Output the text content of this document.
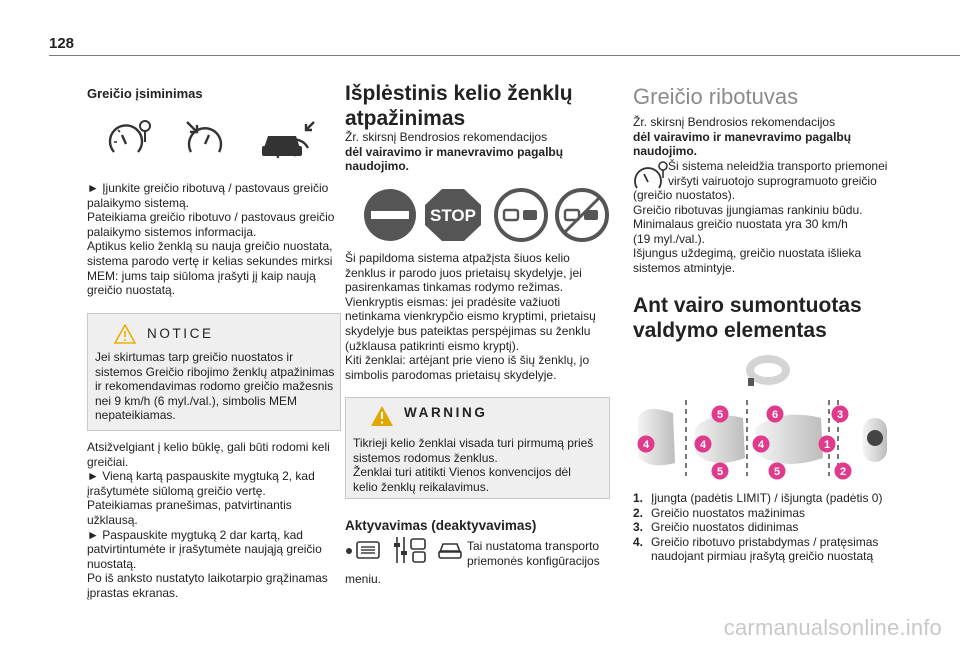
128
Greičio įsiminimas
► Įjunkite greičio ribotuvą / pastovaus greičio
palaikymo sistemą.
Pateikiama greičio ribotuvo / pastovaus greičio
palaikymo sistemos informacija.
Aptikus kelio ženklą su nauja greičio nuostata,
sistema parodo vertę ir kelias sekundes mirksi
MEM: jums taip siūloma įrašyti jį kaip naują
greičio nuostatą.
NOTICE
Jei skirtumas tarp greičio nuostatos ir
sistemos Greičio ribojimo ženklų atpažinimas
ir rekomendavimas rodomo greičio mažesnis
nei 9 km/h (6 myl./val.), simbolis MEM
nepateikiamas.
Atsižvelgiant į kelio būklę, gali būti rodomi keli
greičiai.
► Vieną kartą paspauskite mygtuką 2, kad
įrašytumėte siūlomą greičio vertę.
Pateikiamas pranešimas, patvirtinantis užklausą.
► Paspauskite mygtuką 2 dar kartą, kad
patvirtintumėte ir įrašytumėte naująją greičio
nuostatą.
Po iš anksto nustatyto laikotarpio grąžinamas
įprastas ekranas.
Išplėstinis kelio ženklų
atpažinimas
Žr. skirsnį Bendrosios rekomendacijos
dėl vairavimo ir manevravimo pagalbų
naudojimo.
STOP
Ši papildoma sistema atpažįsta šiuos kelio
ženklus ir parodo juos prietaisų skydelyje, jei
pasirenkamas tinkamas rodymo režimas.
Vienkryptis eismas: jei pradėsite važiuoti
netinkama vienkrypčio eismo kryptimi, prietaisų
skydelyje bus pateiktas perspėjimas su ženklu
(užklausa patikrinti eismo kryptį).
Kiti ženklai: artėjant prie vieno iš šių ženklų, jo
simbolis parodomas prietaisų skydelyje.
WARNING
Tikrieji kelio ženklai visada turi pirmumą prieš
sistemos rodomus ženklus.
Ženklai turi atitikti Vienos konvencijos dėl
kelio ženklų reikalavimus.
Aktyvavimas (deaktyvavimas)
Tai nustatoma transporto
priemonės konfigūracijos
meniu.
Greičio ribotuvas
Žr. skirsnį Bendrosios rekomendacijos
dėl vairavimo ir manevravimo pagalbų
naudojimo.
Ši sistema neleidžia transporto priemonei
viršyti vairuotojo suprogramuoto greičio
(greičio nuostatos).
Greičio ribotuvas įjungiamas rankiniu būdu.
Minimalaus greičio nuostata yra 30 km/h
(19 myl./val.).
Išjungus uždegimą, greičio nuostata išlieka
sistemos atmintyje.
Ant vairo sumontuotas
valdymo elementas
4
5
4
5
6
4
5
1
3
2
1. Įjungta (padėtis LIMIT) / išjungta (padėtis 0)
2. Greičio nuostatos mažinimas
3. Greičio nuostatos didinimas
4. Greičio ribotuvo pristabdymas / pratęsimas
naudojant pirmiau įrašytą greičio nuostatą
carmanualsonline.info
